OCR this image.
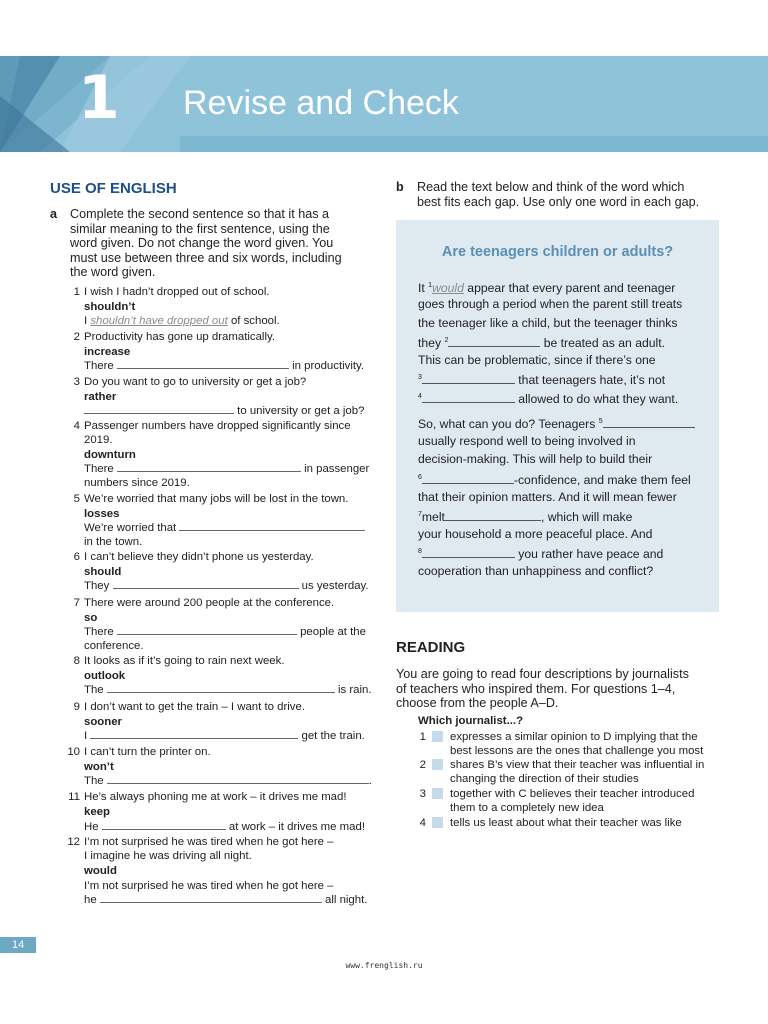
1 Revise and Check
USE OF ENGLISH
a Complete the second sentence so that it has a
similar meaning to the first sentence, using the
word given. Do not change the word given. You
must use between three and six words, including
the word given.
1 I wish I hadn’t dropped out of school.
shouldn’t
I shouldn’t have dropped out of school.
2 Productivity has gone up dramatically.
increase
There	in productivity.
3 Do you want to go to university or get a job?
rather
to university or get a job?
4 Passenger numbers have dropped significantly since
2019.
downturn
There	in passenger
numbers since 2019.
5 We’re worried that many jobs will be lost in the town.
losses
We’re worried that
in the town.
6 I can’t believe they didn’t phone us yesterday.
should
They	us yesterday.
7 There were around 200 people at the conference.
so
There	people at the
conference.
8 It looks as if it’s going to rain next week.
outlook
The	is rain.
9 I don’t want to get the train – I want to drive.
sooner
I	get the train.
10 I can’t turn the printer on.
won’t
The	.
11 He’s always phoning me at work – it drives me mad!
keep
He	at work – it drives me mad!
12 I’m not surprised he was tired when he got here –
I imagine he was driving all night.
would
I’m not surprised he was tired when he got here –
he	all night.
b Read the text below and think of the word which
best fits each gap. Use only one word in each gap.
Are teenagers children or adults?
It $^1$would appear that every parent and teenager
goes through a period when the parent still treats
the teenager like a child, but the teenager thinks
they $^2$	be treated as an adult.
This can be problematic, since if there’s one
$^3$	that teenagers hate, it’s not
$^4$	allowed to do what they want.
So, what can you do? Teenagers $^5$
usually respond well to being involved in
decision-making. This will help to build their
$^6$	-confidence, and make them feel
that their opinion matters. And it will mean fewer
$^7$melt	, which will make
your household a more peaceful place. And
$^8$	you rather have peace and
cooperation than unhappiness and conflict?
READING
You are going to read four descriptions by journalists
of teachers who inspired them. For questions 1–4,
choose from the people A–D.
Which journalist...?
1 expresses a similar opinion to D implying that the best lessons are the ones that challenge you most
2 shares B’s view that their teacher was influential in changing the direction of their studies
3 together with C believes their teacher introduced them to a completely new idea
4 tells us least about what their teacher was like
14
www.frenglish.ru
